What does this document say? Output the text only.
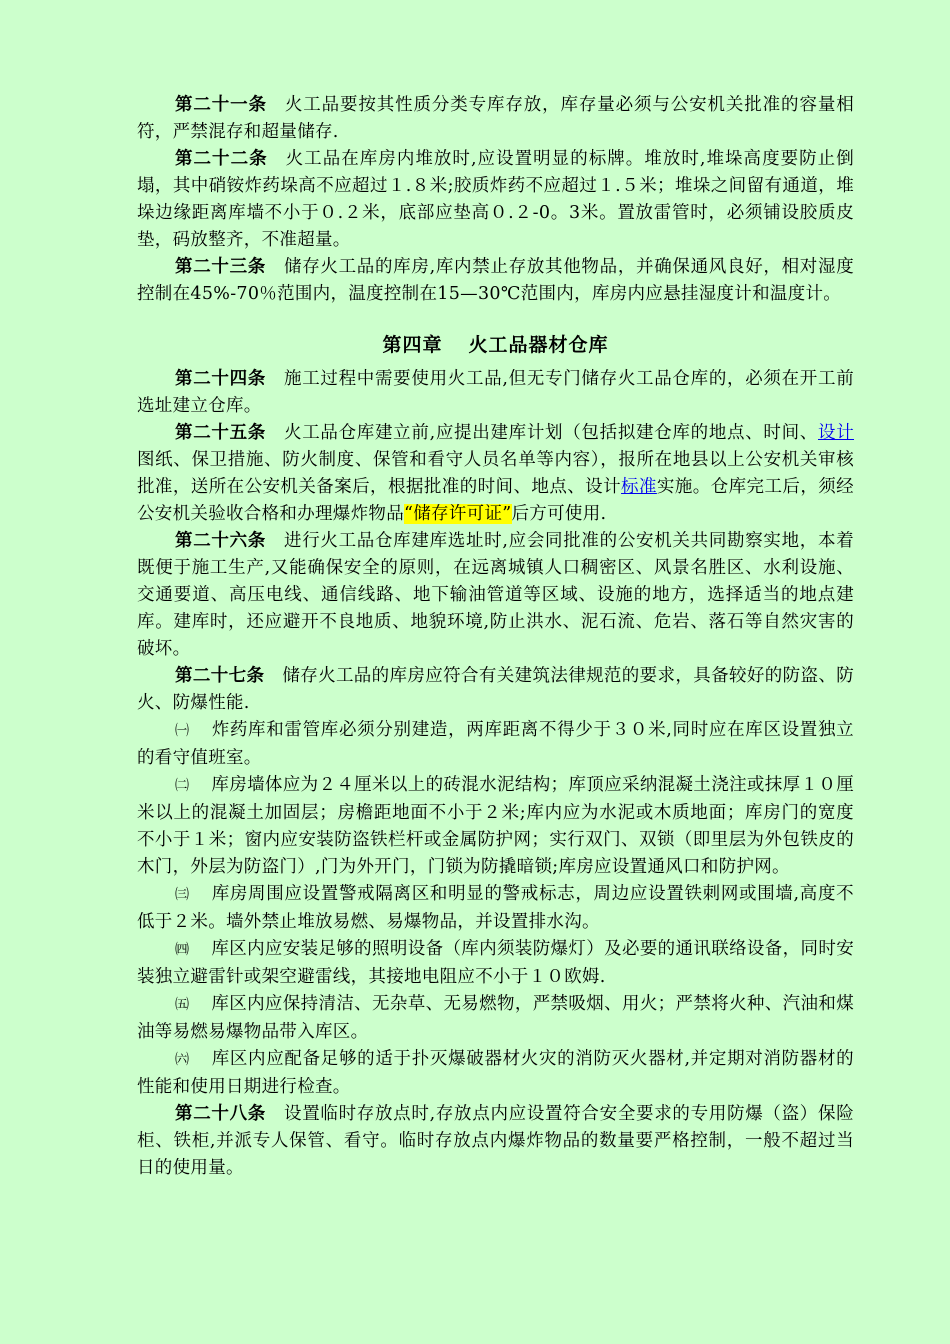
第二十一条 火工品要按其性质分类专库存放，库存量必须与公安机关批准的容量相符，严禁混存和超量储存.

第二十二条 火工品在库房内堆放时,应设置明显的标牌。堆放时,堆垛高度要防止倒塌，其中硝铵炸药垛高不应超过１.８米;胶质炸药不应超过１.５米；堆垛之间留有通道，堆垛边缘距离库墙不小于０.２米，底部应垫高０.２-0。3米。置放雷管时，必须铺设胶质皮垫，码放整齐，不准超量。

第二十三条 储存火工品的库房,库内禁止存放其他物品，并确保通风良好，相对湿度控制在45%-70％范围内，温度控制在15—30℃范围内，库房内应悬挂湿度计和温度计。

第四章 火工品器材仓库

第二十四条 施工过程中需要使用火工品,但无专门储存火工品仓库的，必须在开工前选址建立仓库。

第二十五条 火工品仓库建立前,应提出建库计划（包括拟建仓库的地点、时间、设计图纸、保卫措施、防火制度、保管和看守人员名单等内容），报所在地县以上公安机关审核批准，送所在公安机关备案后，根据批准的时间、地点、设计标准实施。仓库完工后，须经公安机关验收合格和办理爆炸物品“储存许可证”后方可使用.

第二十六条 进行火工品仓库建库选址时,应会同批准的公安机关共同勘察实地，本着既便于施工生产,又能确保安全的原则，在远离城镇人口稠密区、风景名胜区、水利设施、交通要道、高压电线、通信线路、地下输油管道等区域、设施的地方，选择适当的地点建库。建库时，还应避开不良地质、地貌环境,防止洪水、泥石流、危岩、落石等自然灾害的破坏。

第二十七条 储存火工品的库房应符合有关建筑法律规范的要求，具备较好的防盗、防火、防爆性能.

㈠ 炸药库和雷管库必须分别建造，两库距离不得少于３０米,同时应在库区设置独立的看守值班室。

㈡ 库房墙体应为２４厘米以上的砖混水泥结构；库顶应采纳混凝土浇注或抹厚１０厘米以上的混凝土加固层；房檐距地面不小于２米;库内应为水泥或木质地面；库房门的宽度不小于１米；窗内应安装防盗铁栏杆或金属防护网；实行双门、双锁（即里层为外包铁皮的木门，外层为防盗门）,门为外开门，门锁为防撬暗锁;库房应设置通风口和防护网。

㈢ 库房周围应设置警戒隔离区和明显的警戒标志，周边应设置铁刺网或围墙,高度不低于２米。墙外禁止堆放易燃、易爆物品，并设置排水沟。

㈣ 库区内应安装足够的照明设备（库内须装防爆灯）及必要的通讯联络设备，同时安装独立避雷针或架空避雷线，其接地电阻应不小于１０欧姆.

㈤ 库区内应保持清洁、无杂草、无易燃物，严禁吸烟、用火；严禁将火种、汽油和煤油等易燃易爆物品带入库区。

㈥ 库区内应配备足够的适于扑灭爆破器材火灾的消防灭火器材,并定期对消防器材的性能和使用日期进行检查。

第二十八条 设置临时存放点时,存放点内应设置符合安全要求的专用防爆（盗）保险柜、铁柜,并派专人保管、看守。临时存放点内爆炸物品的数量要严格控制，一般不超过当日的使用量。
